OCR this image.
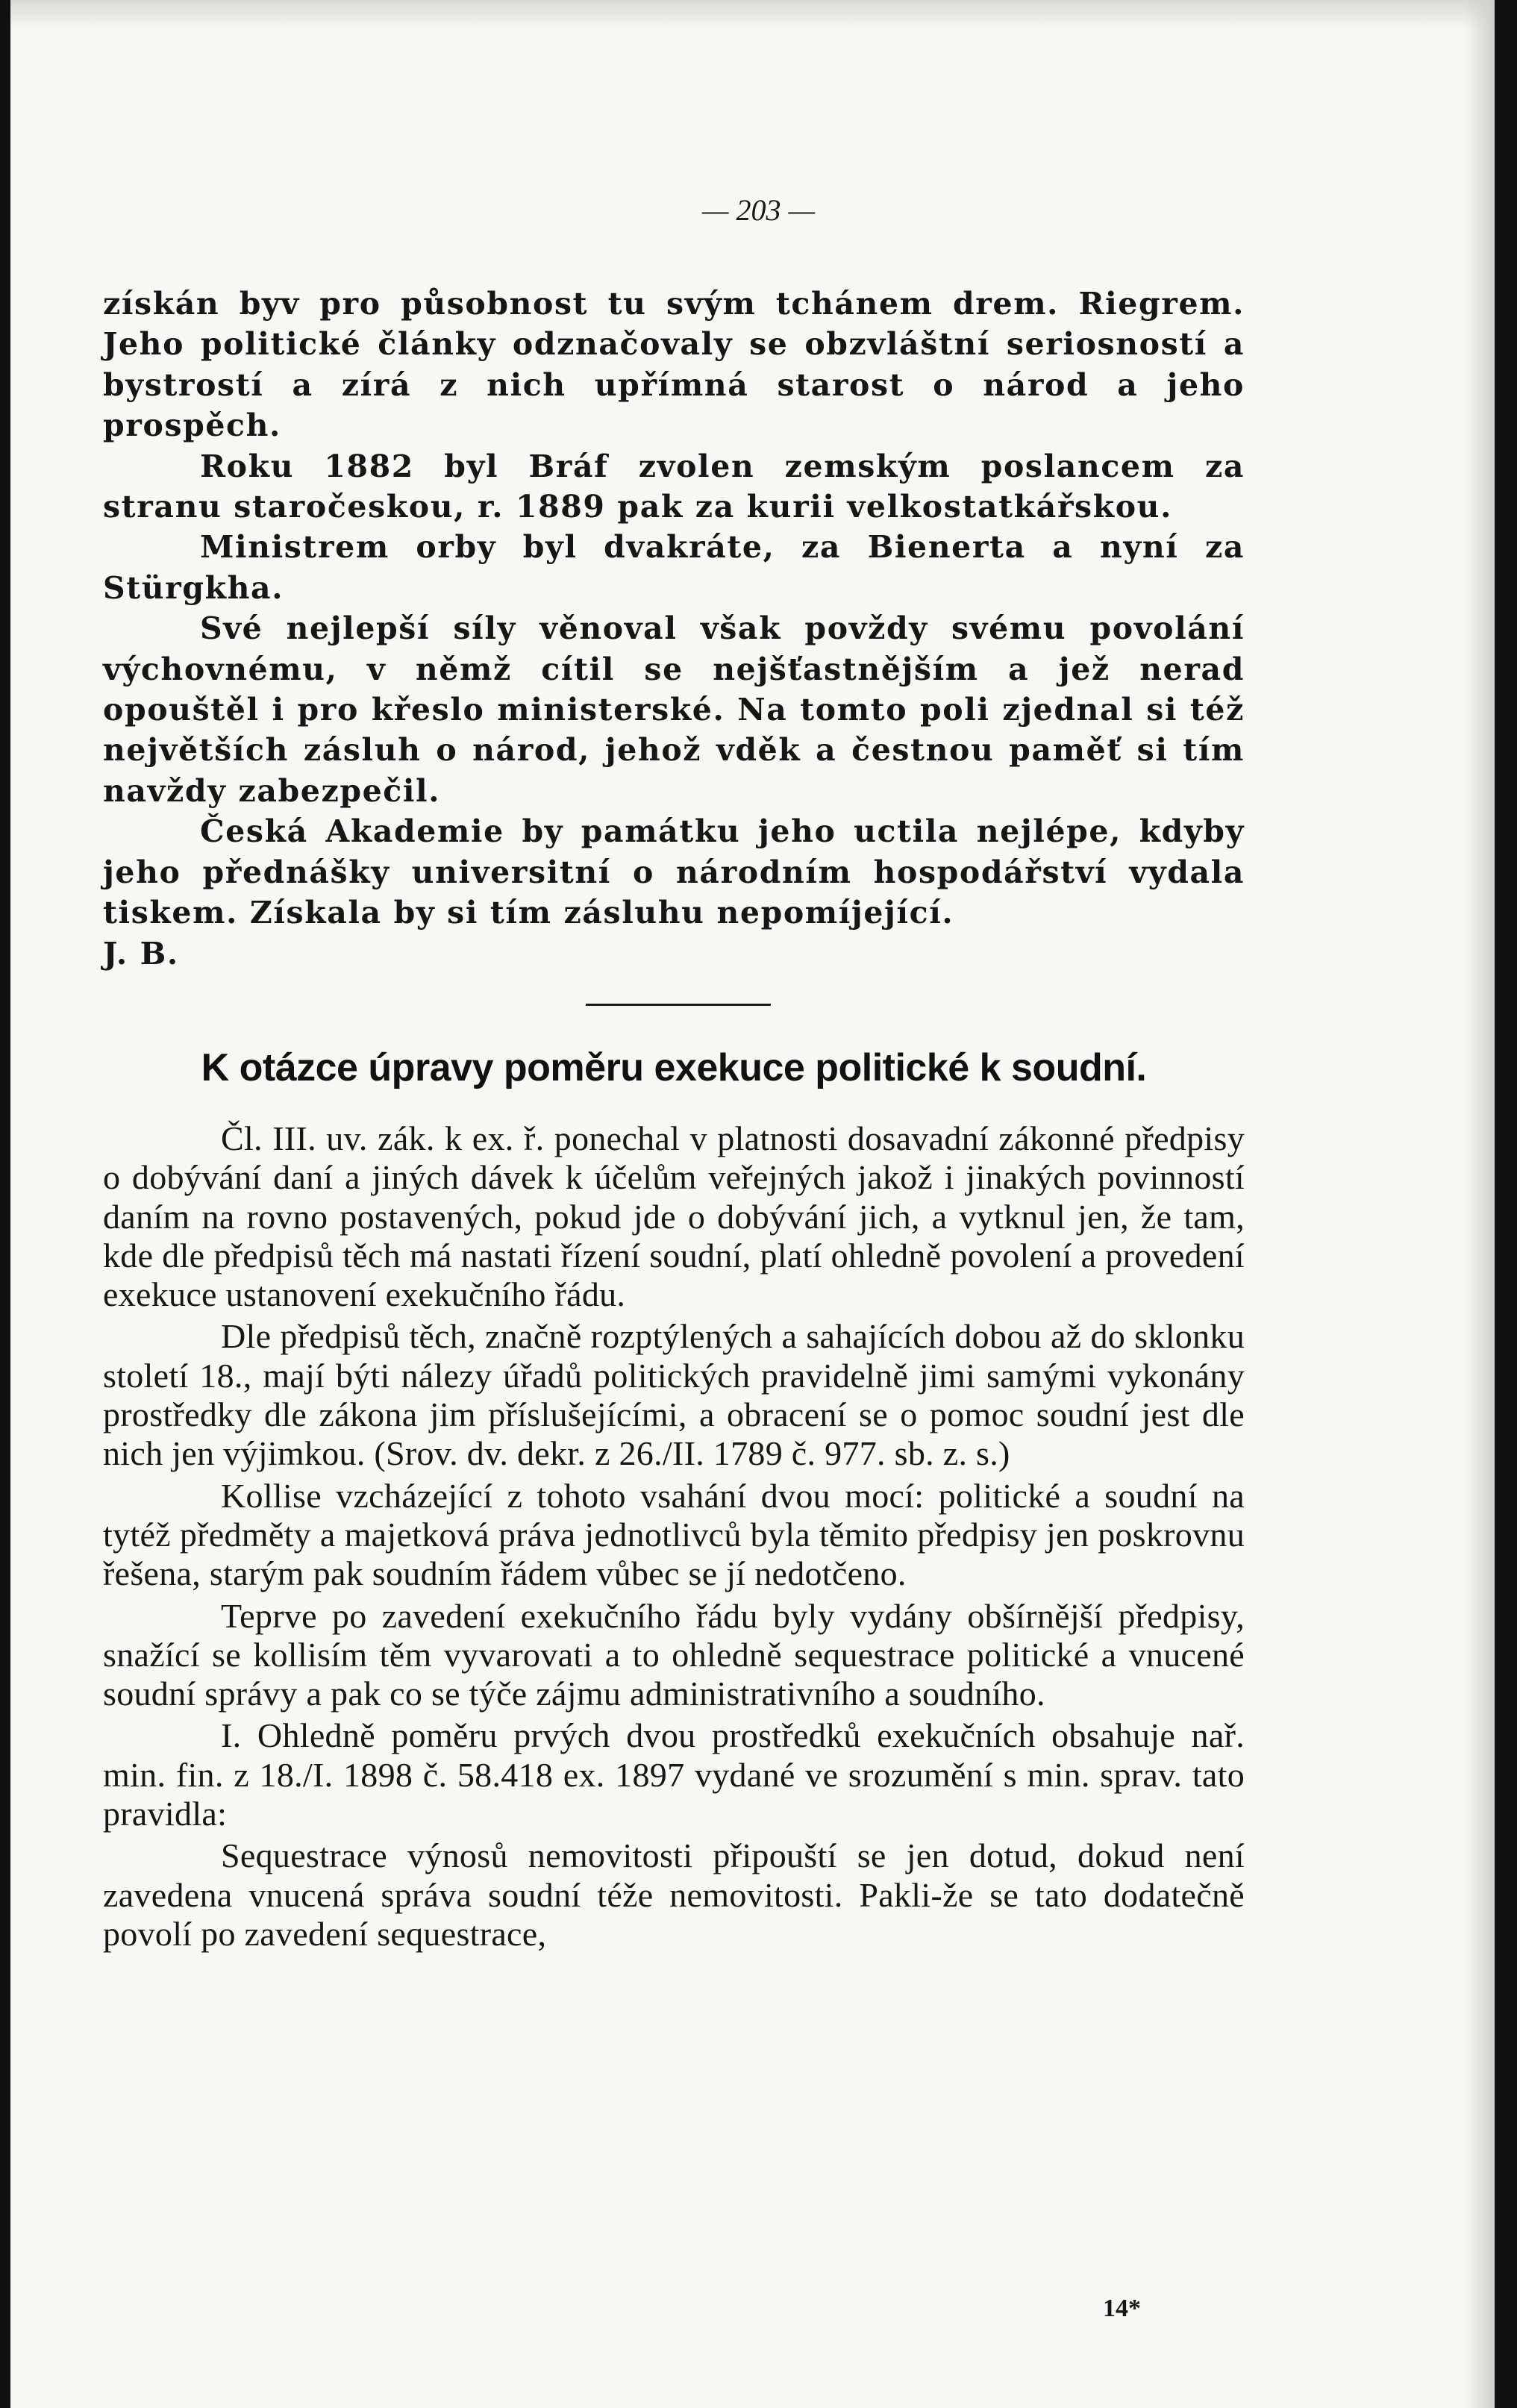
— 203 —

získán byv pro působnost tu svým tchánem drem. Riegrem. Jeho politické články odznačovaly se obzvláštní seriosností a bystrostí a zírá z nich upřímná starost o národ a jeho prospěch.

Roku 1882 byl Bráf zvolen zemským poslancem za stranu staročeskou, r. 1889 pak za kurii velkostatkářskou.

Ministrem orby byl dvakráte, za Bienerta a nyní za Stürgkha.

Své nejlepší síly věnoval však povždy svému povolání výchovnému, v němž cítil se nejšťastnějším a jež nerad opouštěl i pro křeslo ministerské. Na tomto poli zjednal si též největších zásluh o národ, jehož vděk a čestnou paměť si tím navždy zabezpečil.

Česká Akademie by památku jeho uctila nejlépe, kdyby jeho přednášky universitní o národním hospodářství vydala tiskem. Získala by si tím zásluhu nepomíjející.

J. B.

K otázce úpravy poměru exekuce politické k soudní.

Čl. III. uv. zák. k ex. ř. ponechal v platnosti dosavadní zákonné předpisy o dobývání daní a jiných dávek k účelům veřejných jakož i jinakých povinností daním na rovno postavených, pokud jde o dobývání jich, a vytknul jen, že tam, kde dle předpisů těch má nastati řízení soudní, platí ohledně povolení a provedení exekuce ustanovení exekučního řádu.

Dle předpisů těch, značně rozptýlených a sahajících dobou až do sklonku století 18., mají býti nálezy úřadů politických pravidelně jimi samými vykonány prostředky dle zákona jim příslušejícími, a obracení se o pomoc soudní jest dle nich jen výjimkou. (Srov. dv. dekr. z 26./II. 1789 č. 977. sb. z. s.)

Kollise vzcházející z tohoto vsahání dvou mocí: politické a soudní na tytéž předměty a majetková práva jednotlivců byla těmito předpisy jen poskrovnu řešena, starým pak soudním řádem vůbec se jí nedotčeno.

Teprve po zavedení exekučního řádu byly vydány obšírnější předpisy, snažící se kollisím těm vyvarovati a to ohledně sequestrace politické a vnucené soudní správy a pak co se týče zájmu administrativního a soudního.

I. Ohledně poměru prvých dvou prostředků exekučních obsahuje nař. min. fin. z 18./I. 1898 č. 58.418 ex. 1897 vydané ve srozumění s min. sprav. tato pravidla:

Sequestrace výnosů nemovitosti připouští se jen dotud, dokud není zavedena vnucená správa soudní téže nemovitosti. Pakli-že se tato dodatečně povolí po zavedení sequestrace,

14*
